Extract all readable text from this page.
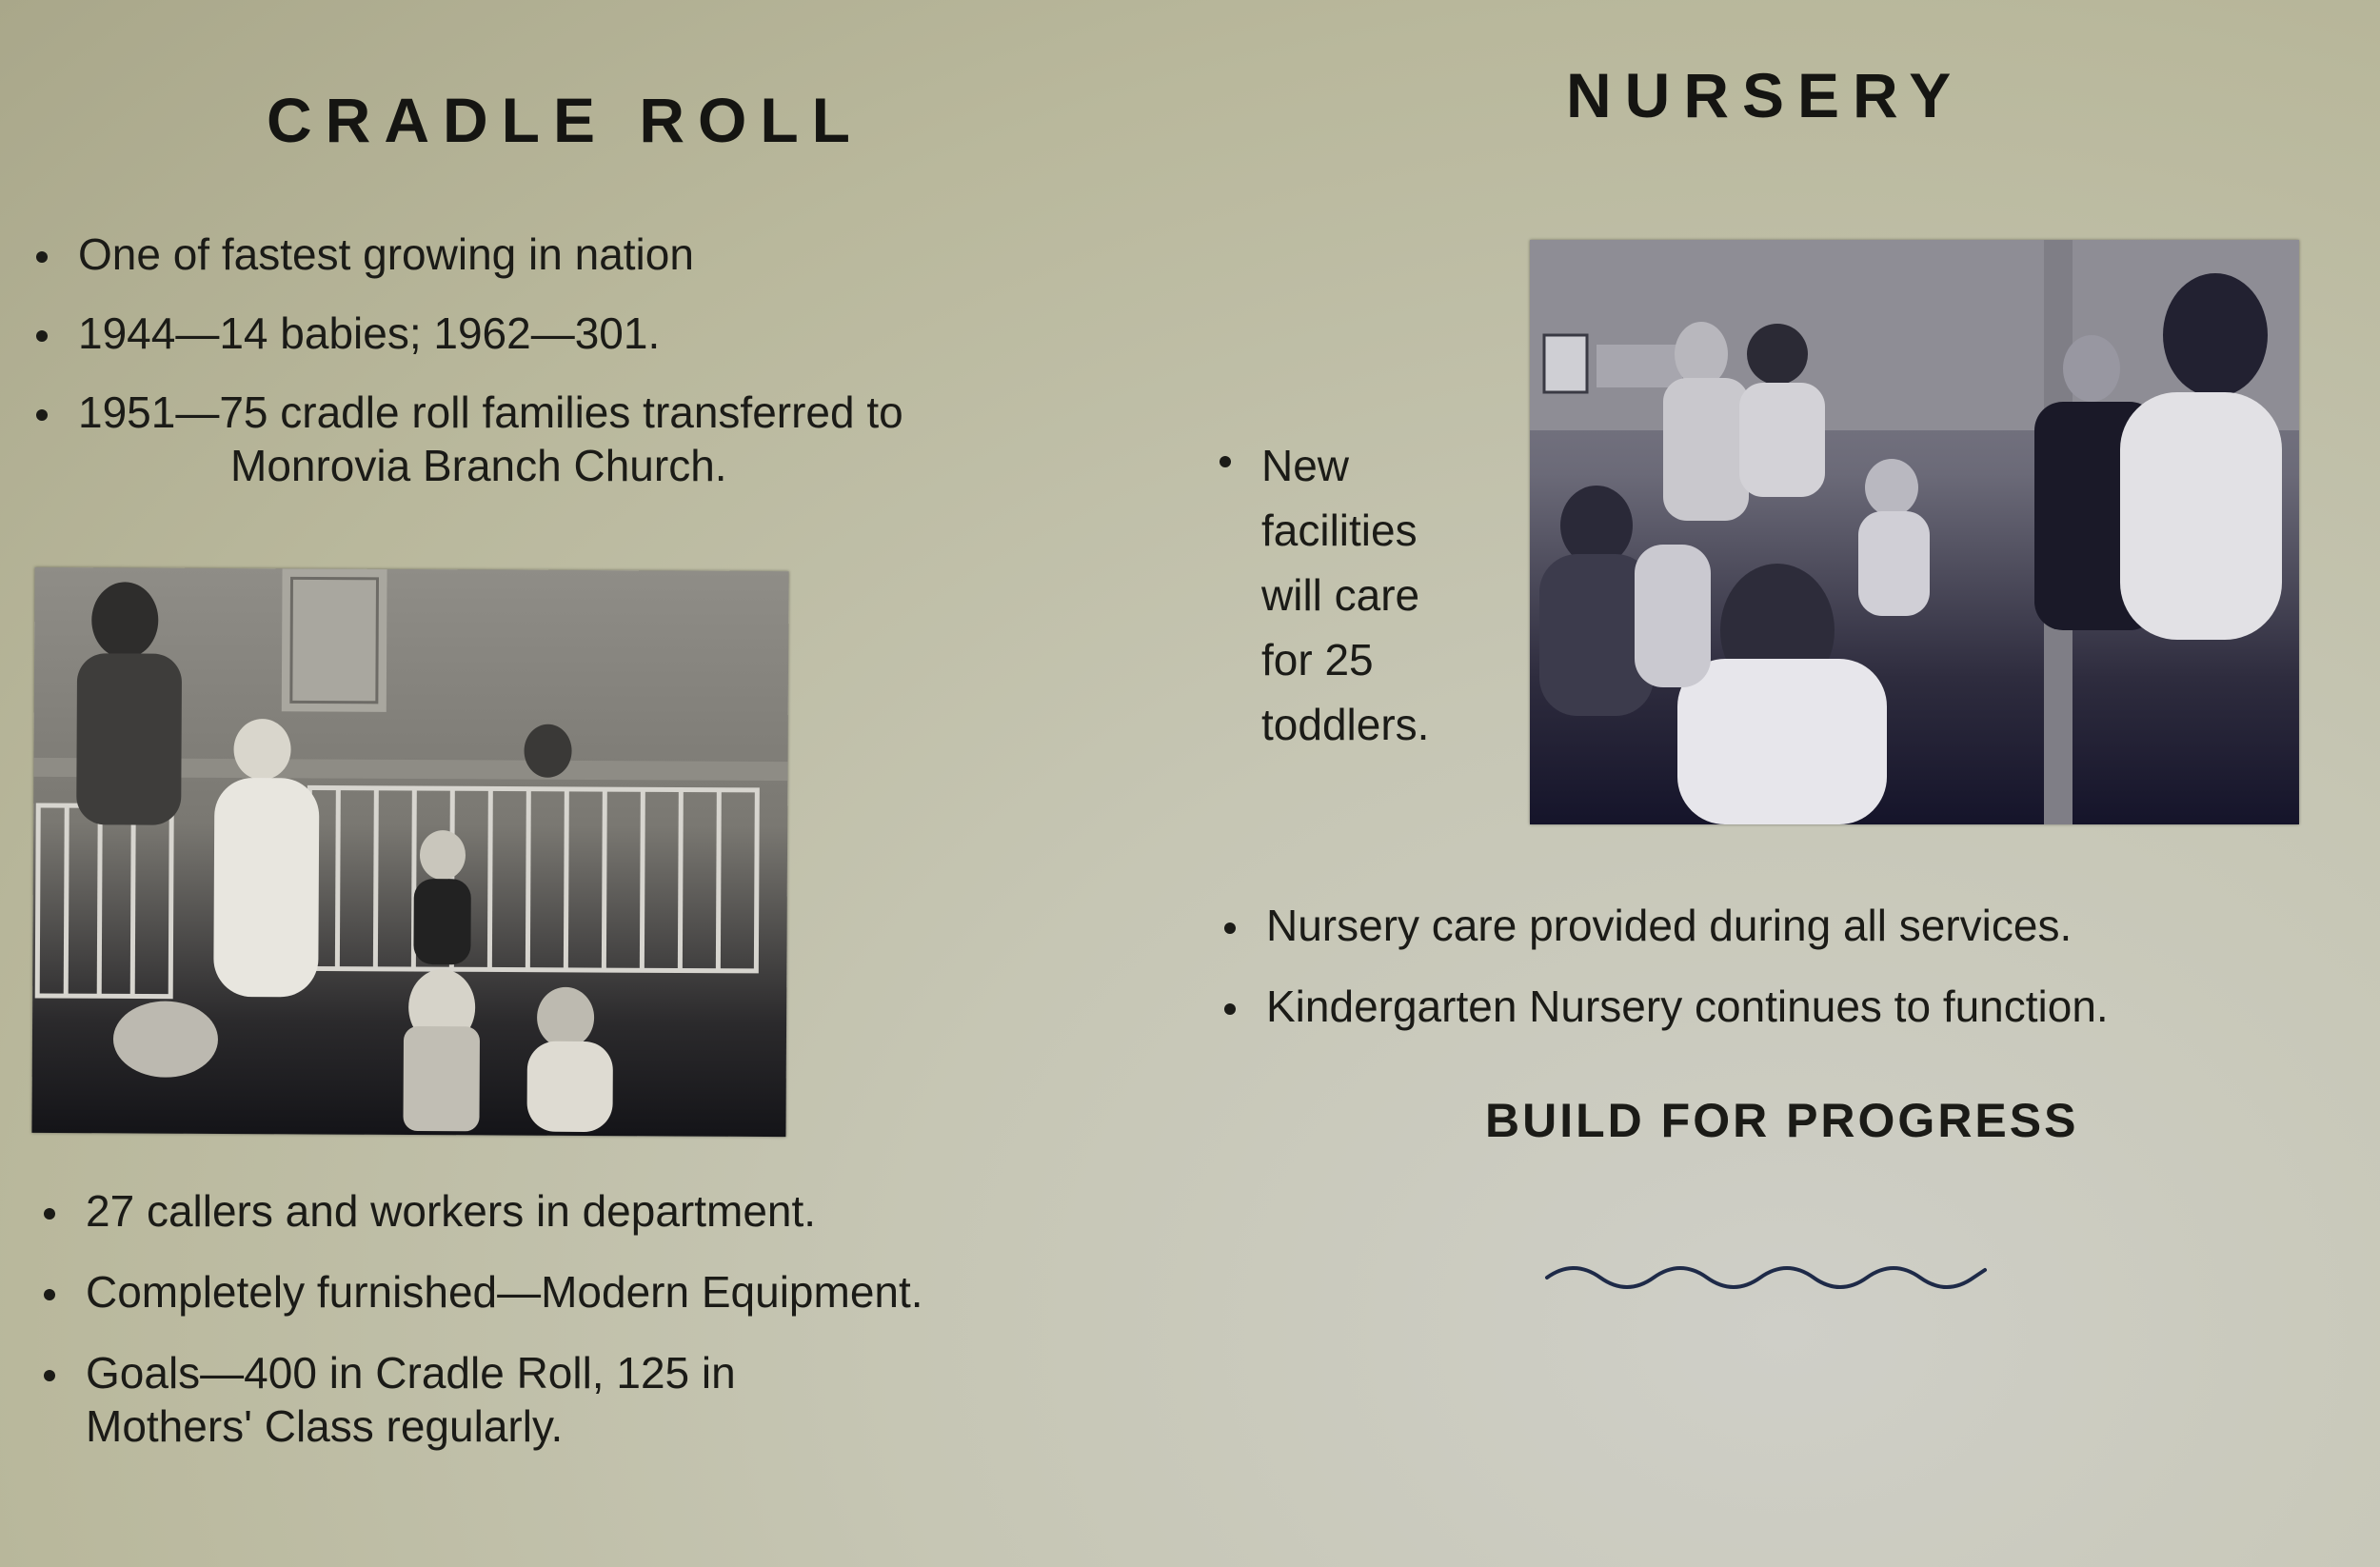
CRADLE ROLL
One of fastest growing in nation
1944—14 babies; 1962—301.
1951—75 cradle roll families transferred to
Monrovia Branch Church.
27 callers and workers in department.
Completely furnished—Modern Equipment.
Goals—400 in Cradle Roll, 125 in
Mothers' Class regularly.
NURSERY
New
facilities
will care
for 25
toddlers.
Nursery care provided during all services.
Kindergarten Nursery continues to function.

BUILD FOR PROGRESS
